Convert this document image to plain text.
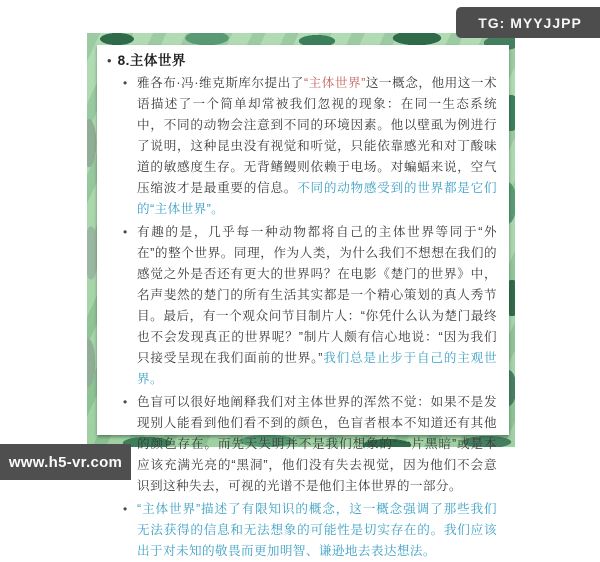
• 8.主体世界
• 雅各布·冯·维克斯库尔提出了“主体世界”这一概念，他用这一术语描述了一个简单却常被我们忽视的现象：在同一生态系统中，不同的动物会注意到不同的环境因素。他以壁虱为例进行了说明，这种昆虫没有视觉和听觉，只能依靠感光和对丁酸味道的敏感度生存。无背鳍鳗则依赖于电场。对蝙蝠来说，空气压缩波才是最重要的信息。不同的动物感受到的世界都是它们的“主体世界”。
• 有趣的是，几乎每一种动物都将自己的主体世界等同于“外在”的整个世界。同理，作为人类，为什么我们不想想在我们的感觉之外是否还有更大的世界吗？在电影《楚门的世界》中，名声斐然的楚门的所有生活其实都是一个精心策划的真人秀节目。最后，有一个观众问节目制片人：“你凭什么认为楚门最终也不会发现真正的世界呢？”制片人颇有信心地说：“因为我们只接受呈现在我们面前的世界。”我们总是止步于自己的主观世界。
• 色盲可以很好地阐释我们对主体世界的浑然不觉：如果不是发现别人能看到他们看不到的颜色，色盲者根本不知道还有其他的颜色存在。而先天失明并不是我们想象的“一片黑暗”或是本应该充满光亮的“黑洞”，他们没有失去视觉，因为他们不会意识到这种失去，可视的光谱不是他们主体世界的一部分。
• “主体世界”描述了有限知识的概念，这一概念强调了那些我们无法获得的信息和无法想象的可能性是切实存在的。我们应该出于对未知的敬畏而更加明智、谦逊地去表达想法。
TG: MYYJJPP
www.h5-vr.com
